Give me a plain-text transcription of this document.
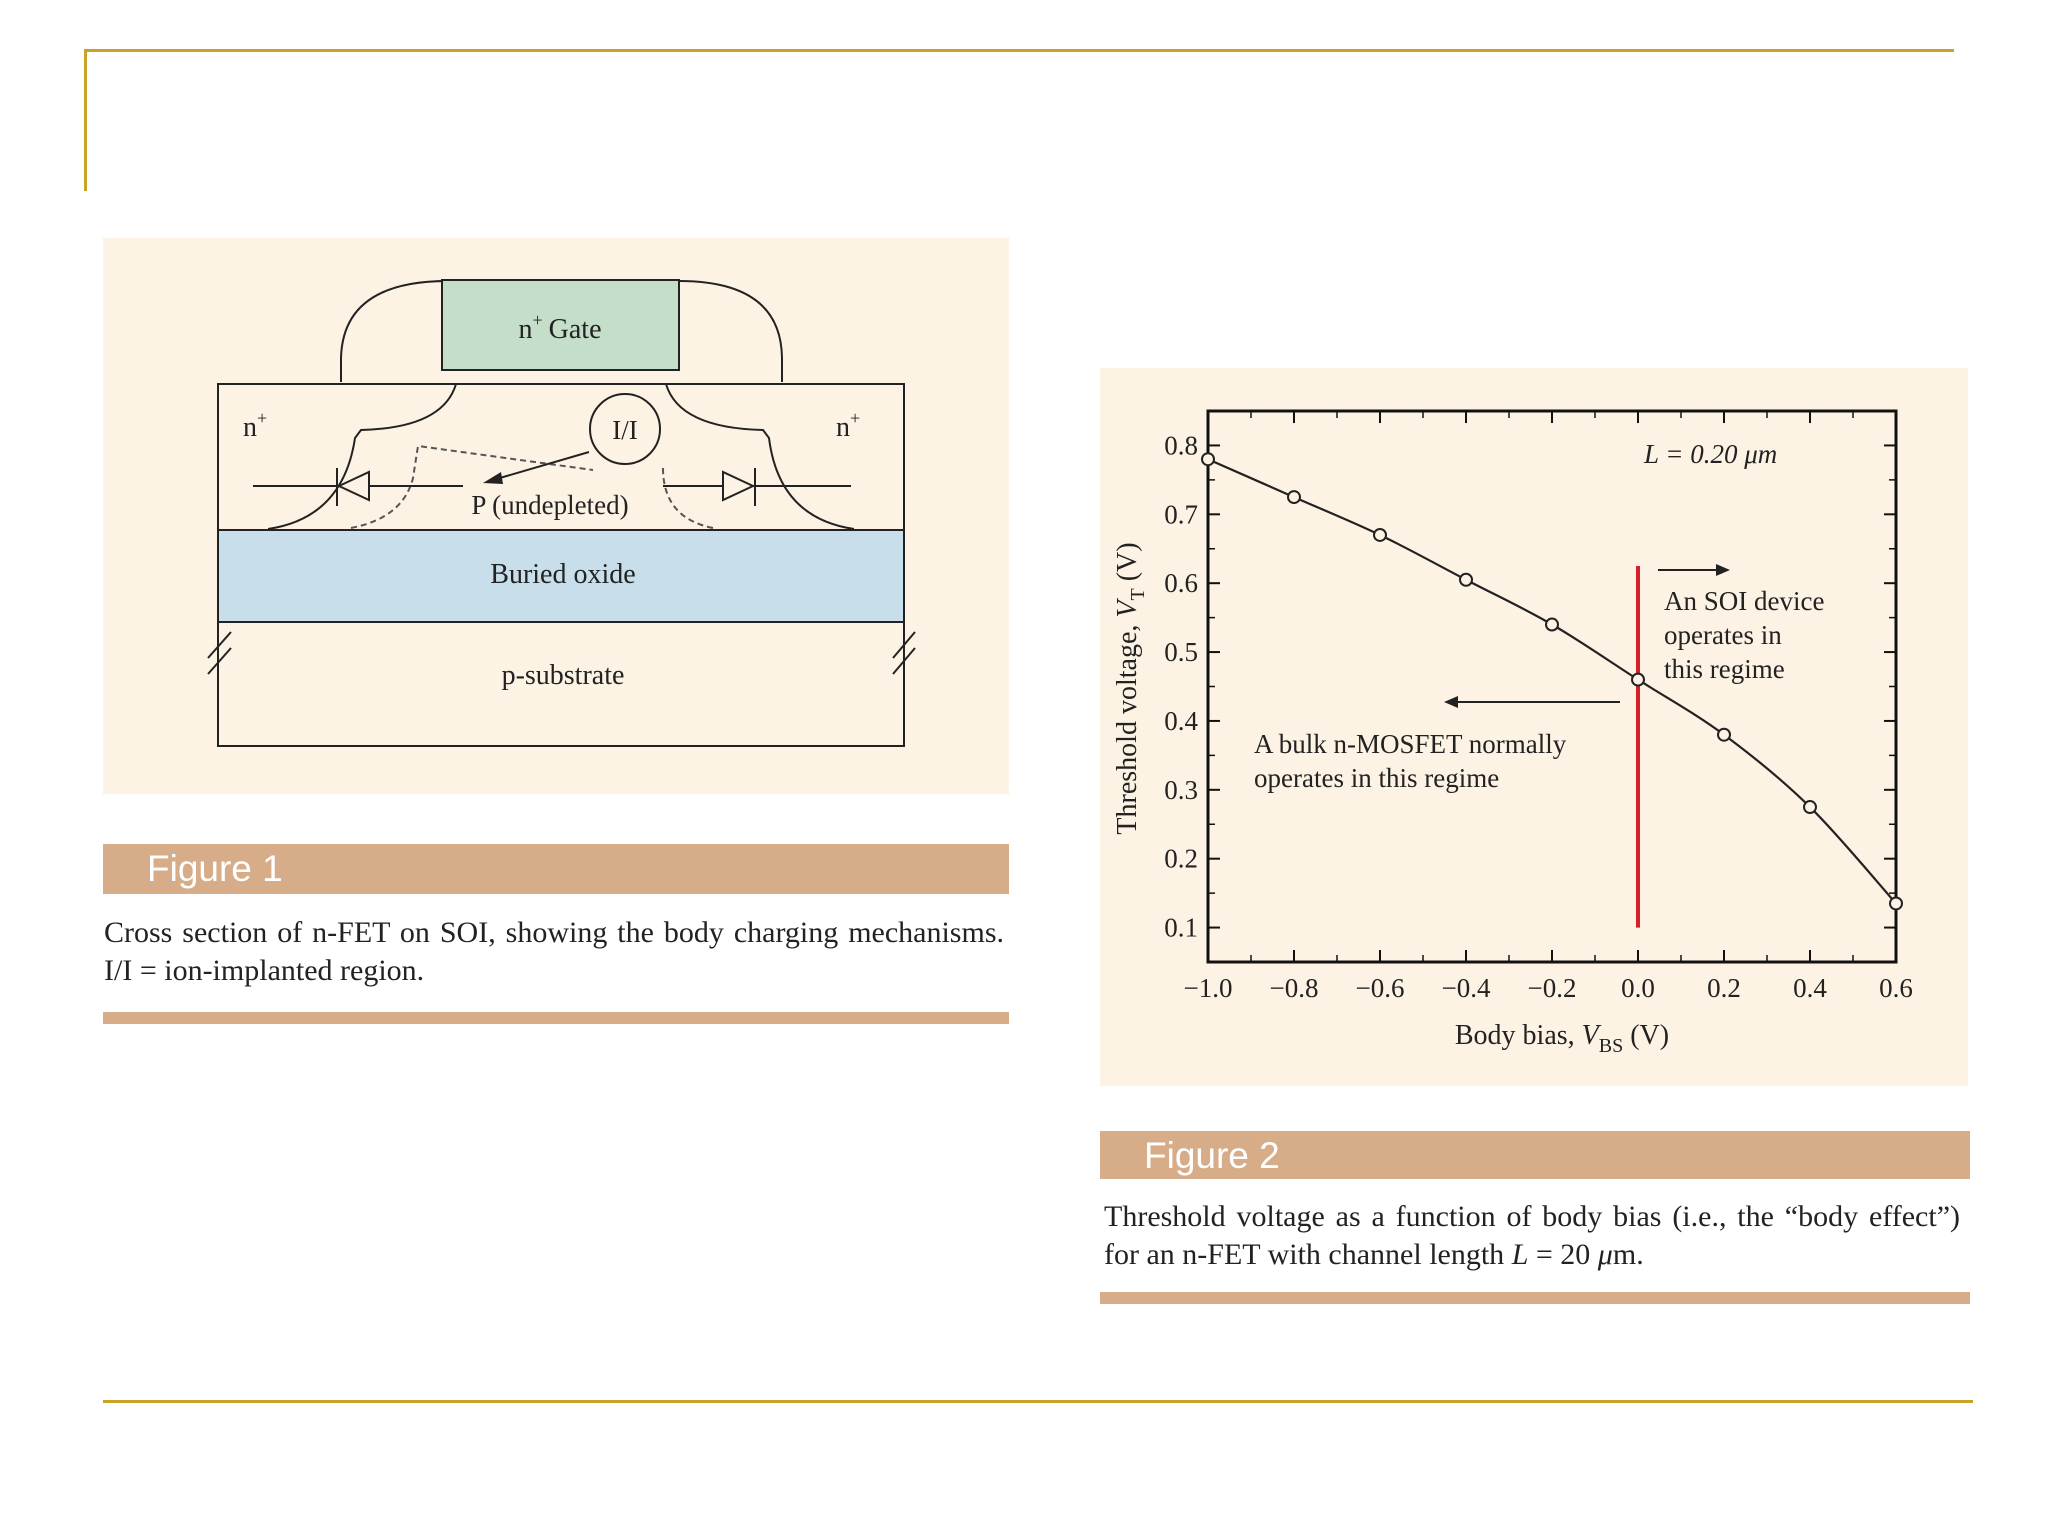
n+ Gate
n+	n+
I/I
P (undepleted)
Buried oxide
p-substrate
Figure 1
Cross section of n-FET on SOI, showing the body charging mechanisms. I/I = ion-implanted region.
−1.0 −0.8 −0.6 −0.4 −0.2 0.0 0.2 0.4 0.6
0.1
0.2
0.3
0.4
0.5
0.6
0.7
0.8
Body bias, $V_{BS}$ (V)
Threshold voltage, $V_T$ (V)
L = 0.20 μm
An SOI device
operates in
this regime
A bulk n-MOSFET normally
operates in this regime
Figure 2
Threshold voltage as a function of body bias (i.e., the “body effect”) for an n-FET with channel length L = 20 μm.
